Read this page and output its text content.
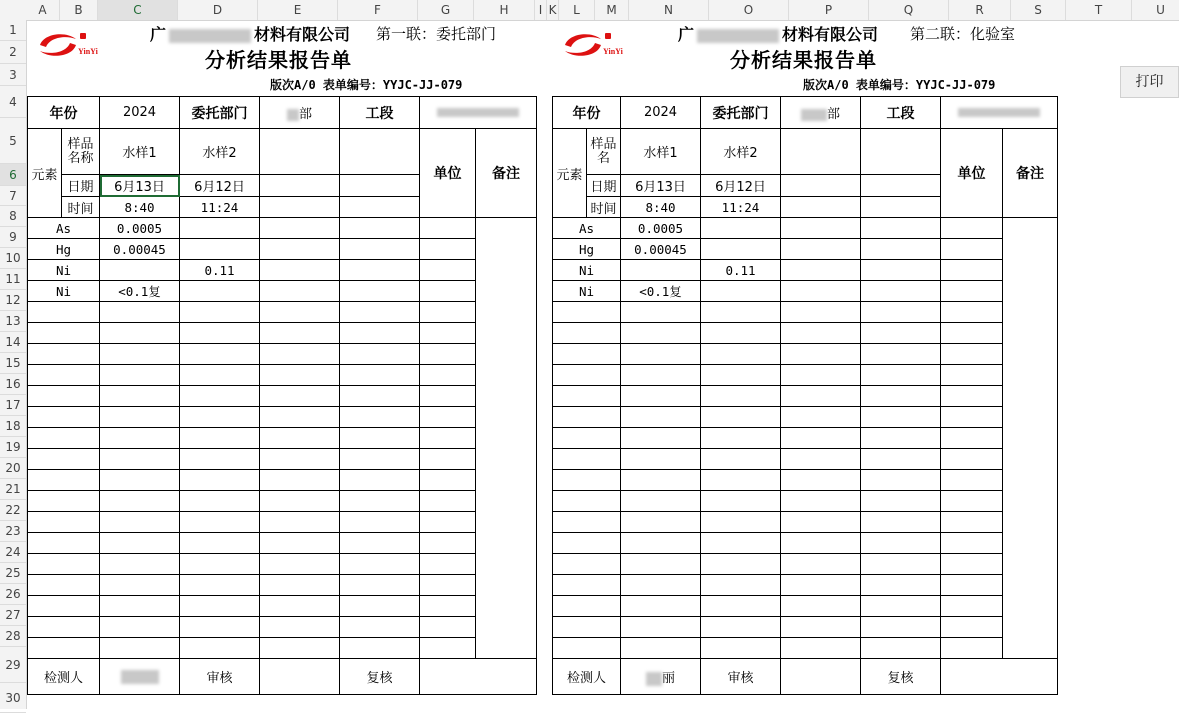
A	B	C	D	E	F	G	H	I K	L	M	N	O	P	Q	R	S	T	U
1
2
3
4
5
6
7
8
9
10
11
12
13
14
15
16
17
18
19
20
21
22
23
24
25
26
27
28
29
30
YinYi
广	材料有限公司 第一联：委托部门
分析结果报告单
版次A/0 表单编号：YYJC-JJ-079
年份		2024	委托部门	部	工段		
元素	样品名称	水样1	水样2			单位	备注
	日期	6月13日	6月12日				
	时间	8:40	11:24				
As		0.0005					
Hg		0.00045					
Ni			0.11				
Ni		<0.1复					

检测人			审核		复核		
YinYi
广	材料有限公司 第二联：化验室
分析结果报告单
版次A/0 表单编号：YYJC-JJ-079
年份		2024	委托部门	部	工段		
元素	样品名	水样1	水样2			单位	备注
	日期	6月13日	6月12日				
	时间	8:40	11:24				
As		0.0005					
Hg		0.00045					
Ni			0.11				
Ni		<0.1复					

检测人		丽	审核		复核		
打印
